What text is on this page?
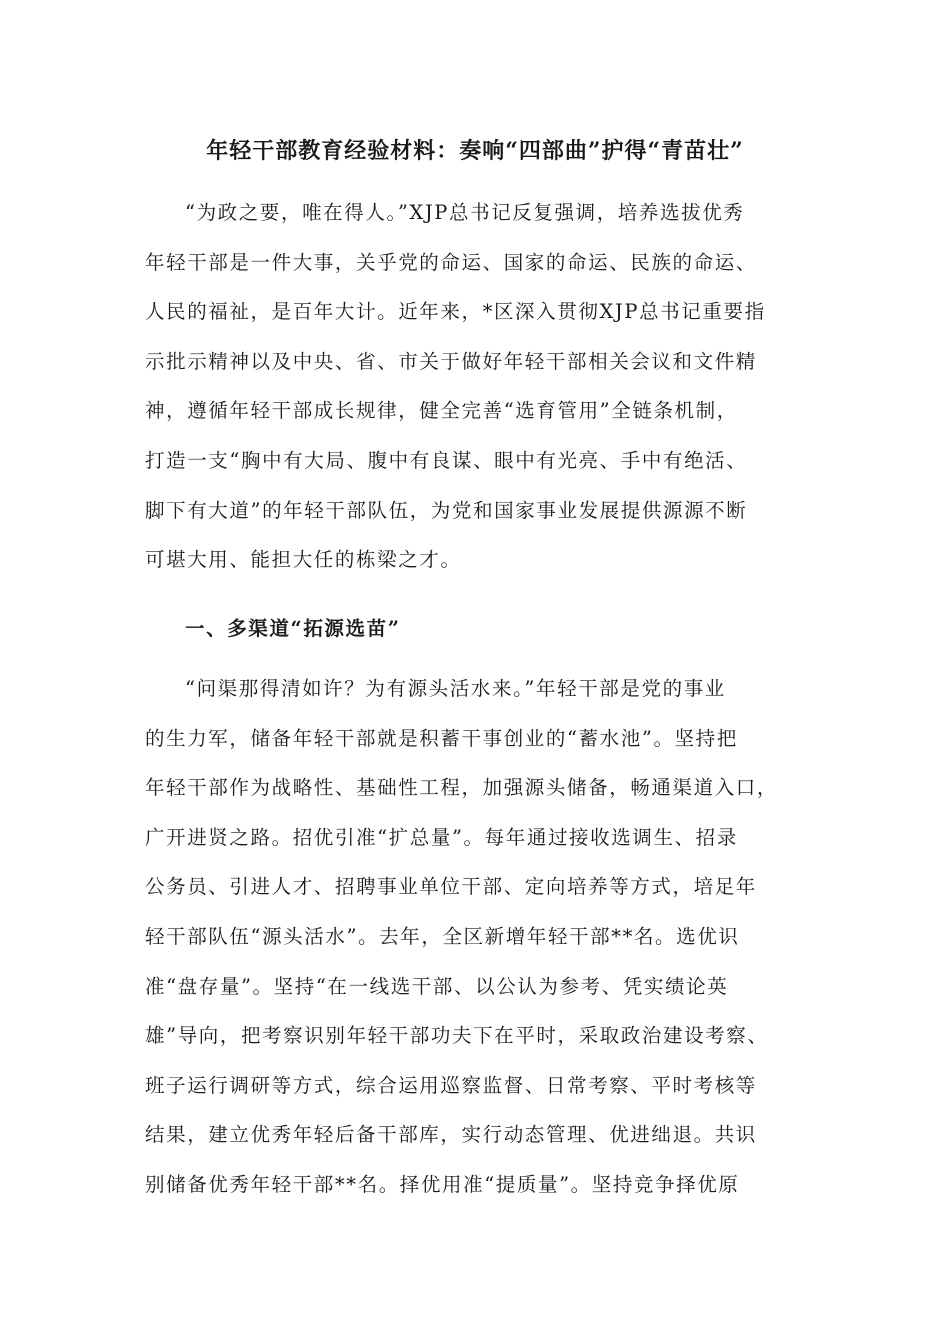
年轻干部教育经验材料：奏响“四部曲”护得“青苗壮”
“为政之要，唯在得人。”XJP总书记反复强调，培养选拔优秀
年轻干部是一件大事，关乎党的命运、国家的命运、民族的命运、
人民的福祉，是百年大计。近年来，*区深入贯彻XJP总书记重要指
示批示精神以及中央、省、市关于做好年轻干部相关会议和文件精
神，遵循年轻干部成长规律，健全完善“选育管用”全链条机制，
打造一支“胸中有大局、腹中有良谋、眼中有光亮、手中有绝活、
脚下有大道”的年轻干部队伍，为党和国家事业发展提供源源不断
可堪大用、能担大任的栋梁之才。
一、多渠道“拓源选苗”
“问渠那得清如许？为有源头活水来。”年轻干部是党的事业
的生力军，储备年轻干部就是积蓄干事创业的“蓄水池”。坚持把
年轻干部作为战略性、基础性工程，加强源头储备，畅通渠道入口，
广开进贤之路。招优引准“扩总量”。每年通过接收选调生、招录
公务员、引进人才、招聘事业单位干部、定向培养等方式，培足年
轻干部队伍“源头活水”。去年，全区新增年轻干部**名。选优识
准“盘存量”。坚持“在一线选干部、以公认为参考、凭实绩论英
雄”导向，把考察识别年轻干部功夫下在平时，采取政治建设考察、
班子运行调研等方式，综合运用巡察监督、日常考察、平时考核等
结果，建立优秀年轻后备干部库，实行动态管理、优进绌退。共识
别储备优秀年轻干部**名。择优用准“提质量”。坚持竞争择优原
